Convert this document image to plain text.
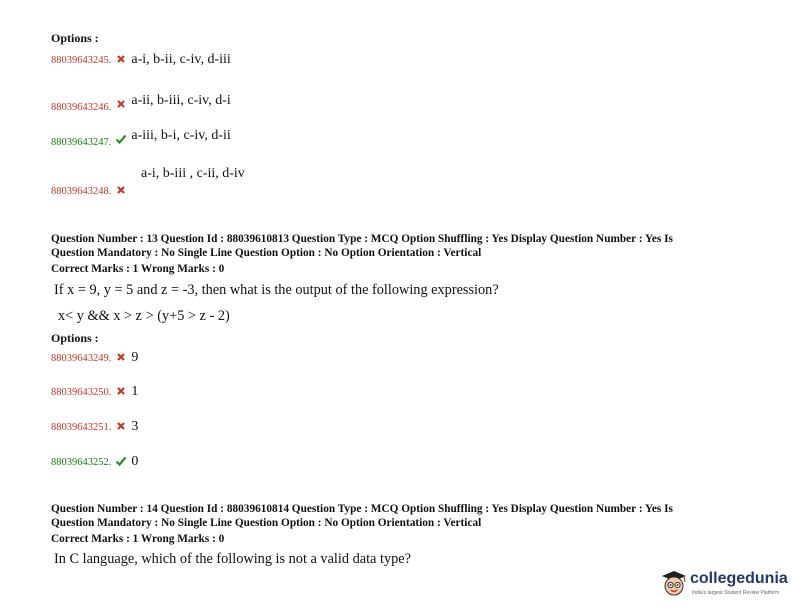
Options :
88039643245. a-i, b-ii, c-iv, d-iii
$_{88039643246.}$ a-ii, b-iii, c-iv, d-i
$_{88039643247.}$ a-iii, b-i, c-iv, d-ii
a-i, b-iii , c-ii, d-iv
88039643248.
Question Number : 13 Question Id : 88039610813 Question Type : MCQ Option Shuffling : Yes Display Question Number : Yes Is
Question Mandatory : No Single Line Question Option : No Option Orientation : Vertical
Correct Marks : 1 Wrong Marks : 0
If x = 9, y = 5 and z = -3, then what is the output of the following expression?
x< y && x > z > (y+5 > z - 2)
Options :
88039643249. 9
88039643250. 1
88039643251. 3
88039643252. 0
Question Number : 14 Question Id : 88039610814 Question Type : MCQ Option Shuffling : Yes Display Question Number : Yes Is
Question Mandatory : No Single Line Question Option : No Option Orientation : Vertical
Correct Marks : 1 Wrong Marks : 0
In C language, which of the following is not a valid data type?
collegedunia
India's largest Student Review Platform
